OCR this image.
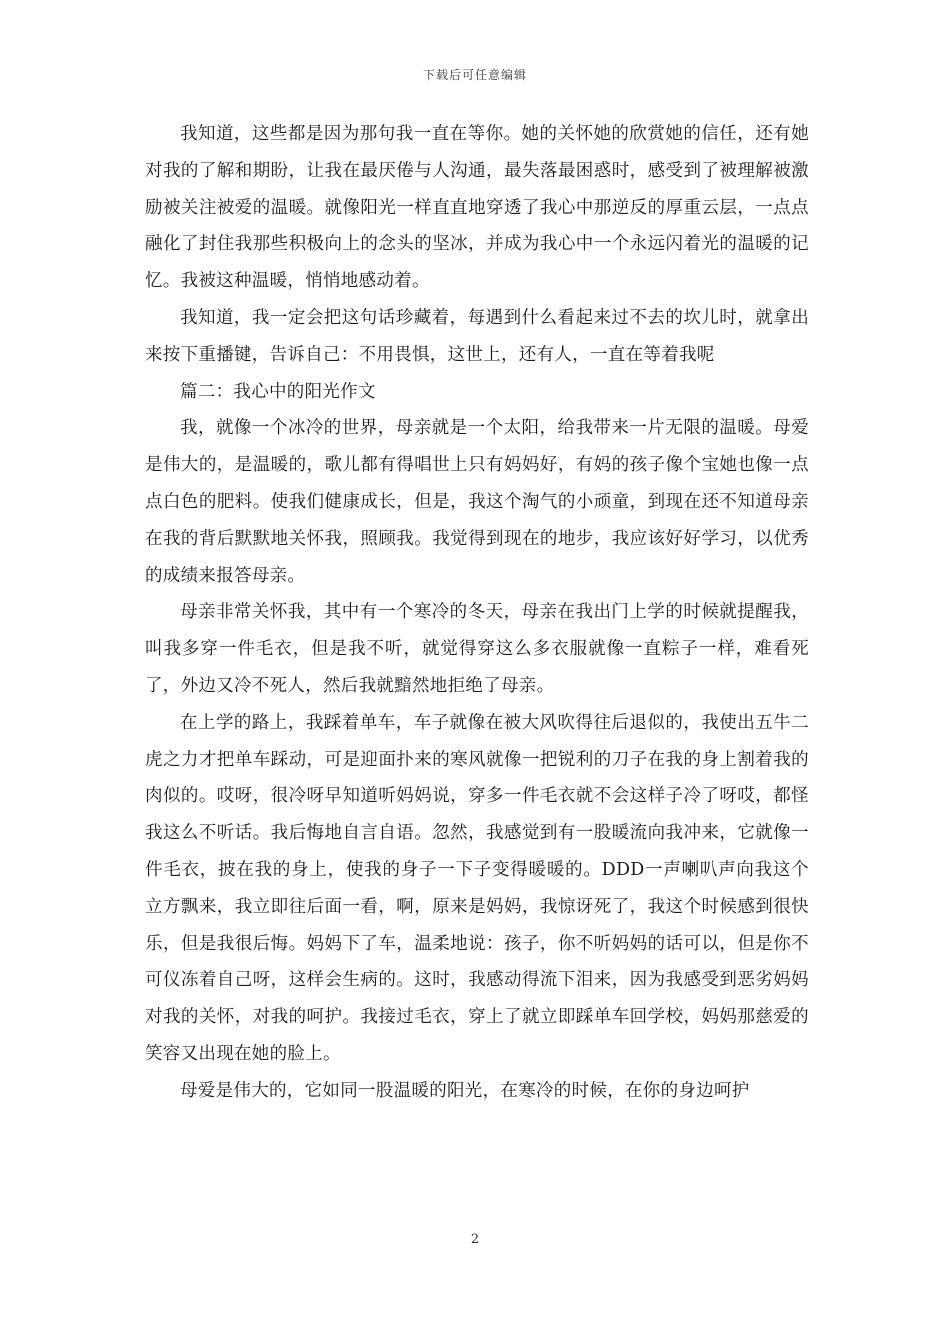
下载后可任意编辑

我知道，这些都是因为那句我一直在等你。她的关怀她的欣赏她的信任，还有她对我的了解和期盼，让我在最厌倦与人沟通，最失落最困惑时，感受到了被理解被激励被关注被爱的温暖。就像阳光一样直直地穿透了我心中那逆反的厚重云层，一点点融化了封住我那些积极向上的念头的坚冰，并成为我心中一个永远闪着光的温暖的记忆。我被这种温暖，悄悄地感动着。

我知道，我一定会把这句话珍藏着，每遇到什么看起来过不去的坎儿时，就拿出来按下重播键，告诉自己：不用畏惧，这世上，还有人，一直在等着我呢

篇二：我心中的阳光作文

我，就像一个冰冷的世界，母亲就是一个太阳，给我带来一片无限的温暖。母爱是伟大的，是温暖的，歌儿都有得唱世上只有妈妈好，有妈的孩子像个宝她也像一点点白色的肥料。使我们健康成长，但是，我这个淘气的小顽童，到现在还不知道母亲在我的背后默默地关怀我，照顾我。我觉得到现在的地步，我应该好好学习，以优秀的成绩来报答母亲。

母亲非常关怀我，其中有一个寒冷的冬天，母亲在我出门上学的时候就提醒我，叫我多穿一件毛衣，但是我不听，就觉得穿这么多衣服就像一直粽子一样，难看死了，外边又冷不死人，然后我就黯然地拒绝了母亲。

在上学的路上，我踩着单车，车子就像在被大风吹得往后退似的，我使出五牛二虎之力才把单车踩动，可是迎面扑来的寒风就像一把锐利的刀子在我的身上割着我的肉似的。哎呀，很冷呀早知道听妈妈说，穿多一件毛衣就不会这样子冷了呀哎，都怪我这么不听话。我后悔地自言自语。忽然，我感觉到有一股暖流向我冲来，它就像一件毛衣，披在我的身上，使我的身子一下子变得暖暖的。DDD一声喇叭声向我这个立方飘来，我立即往后面一看，啊，原来是妈妈，我惊讶死了，我这个时候感到很快乐，但是我很后悔。妈妈下了车，温柔地说：孩子，你不听妈妈的话可以，但是你不可仪冻着自己呀，这样会生病的。这时，我感动得流下泪来，因为我感受到恶劣妈妈对我的关怀，对我的呵护。我接过毛衣，穿上了就立即踩单车回学校，妈妈那慈爱的笑容又出现在她的脸上。

母爱是伟大的，它如同一股温暖的阳光，在寒冷的时候，在你的身边呵护

2
